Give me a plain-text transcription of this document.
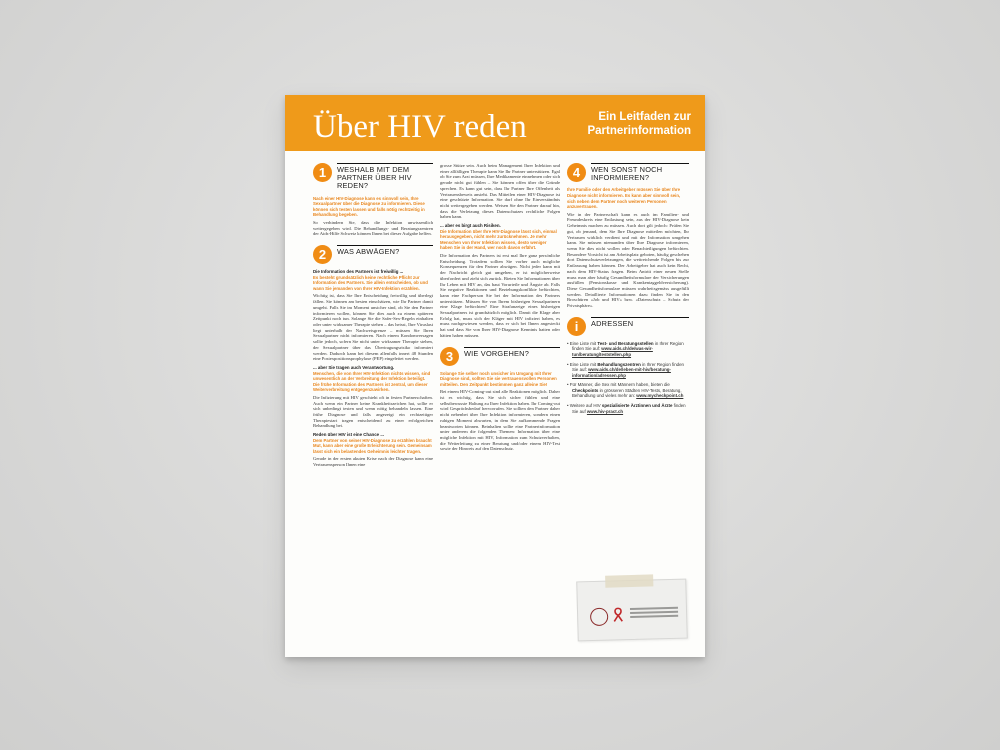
Über HIV reden	Ein Leitfaden zur Partnerinformation
1	WESHALB MIT DEM PARTNER ÜBER HIV REDEN?

Nach einer HIV-Diagnose kann es sinnvoll sein, Ihre Sexualpartner über die Diagnose zu informieren. Diese können sich testen lassen und falls nötig rechtzeitig in Behandlung begeben.

So verhindern Sie, dass die Infektion unwissentlich weitergegeben wird. Die Behandlungs- und Beratungszentren der Aids-Hilfe Schweiz können Ihnen bei dieser Aufgabe helfen.

2	WAS ABWÄGEN?

Die Information des Partners ist freiwillig ...

Es besteht grundsätzlich keine rechtliche Pflicht zur Information des Partners. Sie allein entscheiden, ob und wann Sie jemanden von Ihrer HIV-Infektion erzählen.

Wichtig ist, dass Sie Ihre Entscheidung freiwillig und überlegt fällen. Sie können am besten einschätzen, wie Ihr Partner damit umgeht. Falls Sie im Moment unsicher sind, ob Sie den Partner informieren wollen, können Sie dies auch zu einem späteren Zeitpunkt noch tun. Solange Sie die Safer-Sex-Regeln einhalten oder unter wirksamer Therapie stehen – das heisst, Ihre Viruslast liegt unterhalb der Nachweisgrenze – müssen Sie Ihren Sexualpartner nicht informieren. Nach einem Kondomversagen sollte jedoch, sofern Sie nicht unter wirksamer Therapie stehen, der Sexualpartner über das Übertragungsrisiko informiert werden. Dadurch kann bei diesem allenfalls innert 48 Stunden eine Postexpositionsprophylaxe (PEP) eingeleitet werden.

... aber Sie tragen auch Verantwortung.

Menschen, die von Ihrer HIV-Infektion nichts wissen, sind unwesentlich an der Verbreitung der Infektion beteiligt. Die frühe Information des Partners ist zentral, um dieser Weiterverbreitung entgegenzuwirken.

Die Infizierung mit HIV geschieht oft in festen Partnerschaften. Auch wenn ein Partner keine Krankheitszeichen hat, sollte er sich unbedingt testen und wenn nötig behandeln lassen. Eine frühe Diagnose und falls angezeigt ein rechtzeitiger Therapiestart tragen entscheidend zu einer erfolgreichen Behandlung bei.

Reden über HIV ist eine Chance ...

Dem Partner von seiner HIV-Diagnose zu erzählen braucht Mut, kann aber eine große Erleichterung sein. Gemeinsam lässt sich ein belastendes Geheimnis leichter tragen.

Gerade in der ersten akuten Krise nach der Diagnose kann eine Vertrauensperson Ihnen eine

grosse Stütze sein. Auch beim Management Ihrer Infektion und einer allfälligen Therapie kann Sie Ihr Partner unterstützen. Egal ob Sie zum Arzt müssen, Ihre Medikamente einnehmen oder sich gerade nicht gut fühlen – Sie können offen über die Gründe sprechen. Es kann gut sein, dass Ihr Partner Ihre Offenheit als Vertrauensbeweis ansieht. Das Mitteilen einer HIV-Diagnose ist eine geschützte Information. Sie darf ohne Ihr Einverständnis nicht weitergegeben werden. Weisen Sie den Partner darauf hin, dass die Verletzung dieses Datenschutzes rechtliche Folgen haben kann.

... aber es birgt auch Risiken.

Die Information über Ihre HIV-Diagnose lässt sich, einmal herausgegeben, nicht mehr zurücknehmen. Je mehr Menschen von Ihrer Infektion wissen, desto weniger haben Sie in der Hand, wer noch davon erfährt.

Die Information des Partners ist erst mal Ihre ganz persönliche Entscheidung. Trotzdem sollten Sie vorher auch mögliche Konsequenzen für den Partner abwägen. Nicht jeder kann mit der Nachricht gleich gut umgehen, er ist möglicherweise überfordert und zieht sich zurück. Bieten Sie Informationen über Ihr Leben mit HIV an, das baut Vorurteile und Ängste ab. Falls Sie negative Reaktionen und Beziehungskonflikte befürchten, kann eine Fachperson Sie bei der Information des Partners unterstützen. Müssen Sie von Ihrem bisherigen Sexualpartnern eine Klage befürchten? Eine Strafanzeige eines bisherigen Sexualpartners ist grundsätzlich möglich. Damit die Klage aber Erfolg hat, muss sich der Kläger mit HIV infiziert haben, es muss nachgewiesen werden, dass er sich bei Ihnen angesteckt hat und dass Sie von Ihrer HIV-Diagnose Kenntnis hatten oder hätten haben müssen.

3	WIE VORGEHEN?

Solange Sie selber noch unsicher im Umgang mit Ihrer Diagnose sind, sollten Sie sie vertrauensvollen Personen mitteilen. Den Zeitpunkt bestimmen ganz alleine Sie!

Bei einem HIV-Coming-out sind alle Reaktionen möglich. Daher ist es wichtig, dass Sie sich sicher fühlen und eine selbstbewusste Haltung zu Ihrer Infektion haben. Ihr Coming-out wird Gesprächsbedarf hervorrufen. Sie sollten den Partner daher nicht nebenbei über Ihre Infektion informieren, sondern einen ruhigen Moment abwarten, in dem Sie aufkommende Fragen beantworten können. Beinhalten sollte eine Partnerinformation unter anderem die folgenden Themen: Information über eine mögliche Infektion mit HIV, Information zum Schutzverhalten, die Weiterleitung zu einer Beratung und/oder einem HIV-Test sowie der Hinweis auf den Datenschutz.

4	WEN SONST NOCH INFORMIEREN?

Ihre Familie oder den Arbeitgeber müssen Sie über Ihre Diagnose nicht informieren. Es kann aber sinnvoll sein, sich neben dem Partner noch weiteren Personen anzuvertrauen.

Wie in der Partnerschaft kann es auch im Familien- und Freundeskreis eine Entlastung sein, aus der HIV-Diagnose kein Geheimnis machen zu müssen. Auch dort gilt jedoch: Prüfen Sie gut, ob jemand, dem Sie Ihre Diagnose mitteilen möchten, Ihr Vertrauen wirklich verdient und mit der Information umgehen kann. Sie müssen niemanden über Ihre Diagnose informieren, wenn Sie dies nicht wollen oder Benachteiligungen befürchten. Besondere Vorsicht ist am Arbeitsplatz geboten, häufig geschehen dort Datenschutzverletzungen, die weitreichende Folgen bis zur Entlassung haben können. Der Arbeitgeber hat auch kein Recht, nach dem HIV-Status fragen. Beim Antritt einer neuen Stelle muss man aber häufig Gesundheitsformulare der Versicherungen ausfüllen (Pensionskasse und Krankentaggeldversicherung). Diese Gesundheitsformulare müssen wahrheitsgemäss ausgefüllt werden. Detaillierte Informationen dazu finden Sie in den Broschüren «Job und HIV» bzw. «Datenschutz – Schutz der Privatsphäre».

i	ADRESSEN

• Eine Liste mit Test- und Beratungsstellen in Ihrer Region finden Sie auf: www.aids.ch/de/was-wir-tun/beratung/teststellen.php

• Eine Liste mit Behandlungszentren in Ihrer Region finden Sie auf: www.aids.ch/de/leben-mit-hiv/beratung-information/adressen.php

• Für Männer, die Sex mit Männern haben, bieten die Checkpoints in grösseren Städten HIV-Tests, Beratung, Behandlung und vieles mehr an: www.mycheckpoint.ch

• Weitere auf HIV spezialisierte Ärztinnen und Ärzte finden Sie auf www.hiv-pract.ch
